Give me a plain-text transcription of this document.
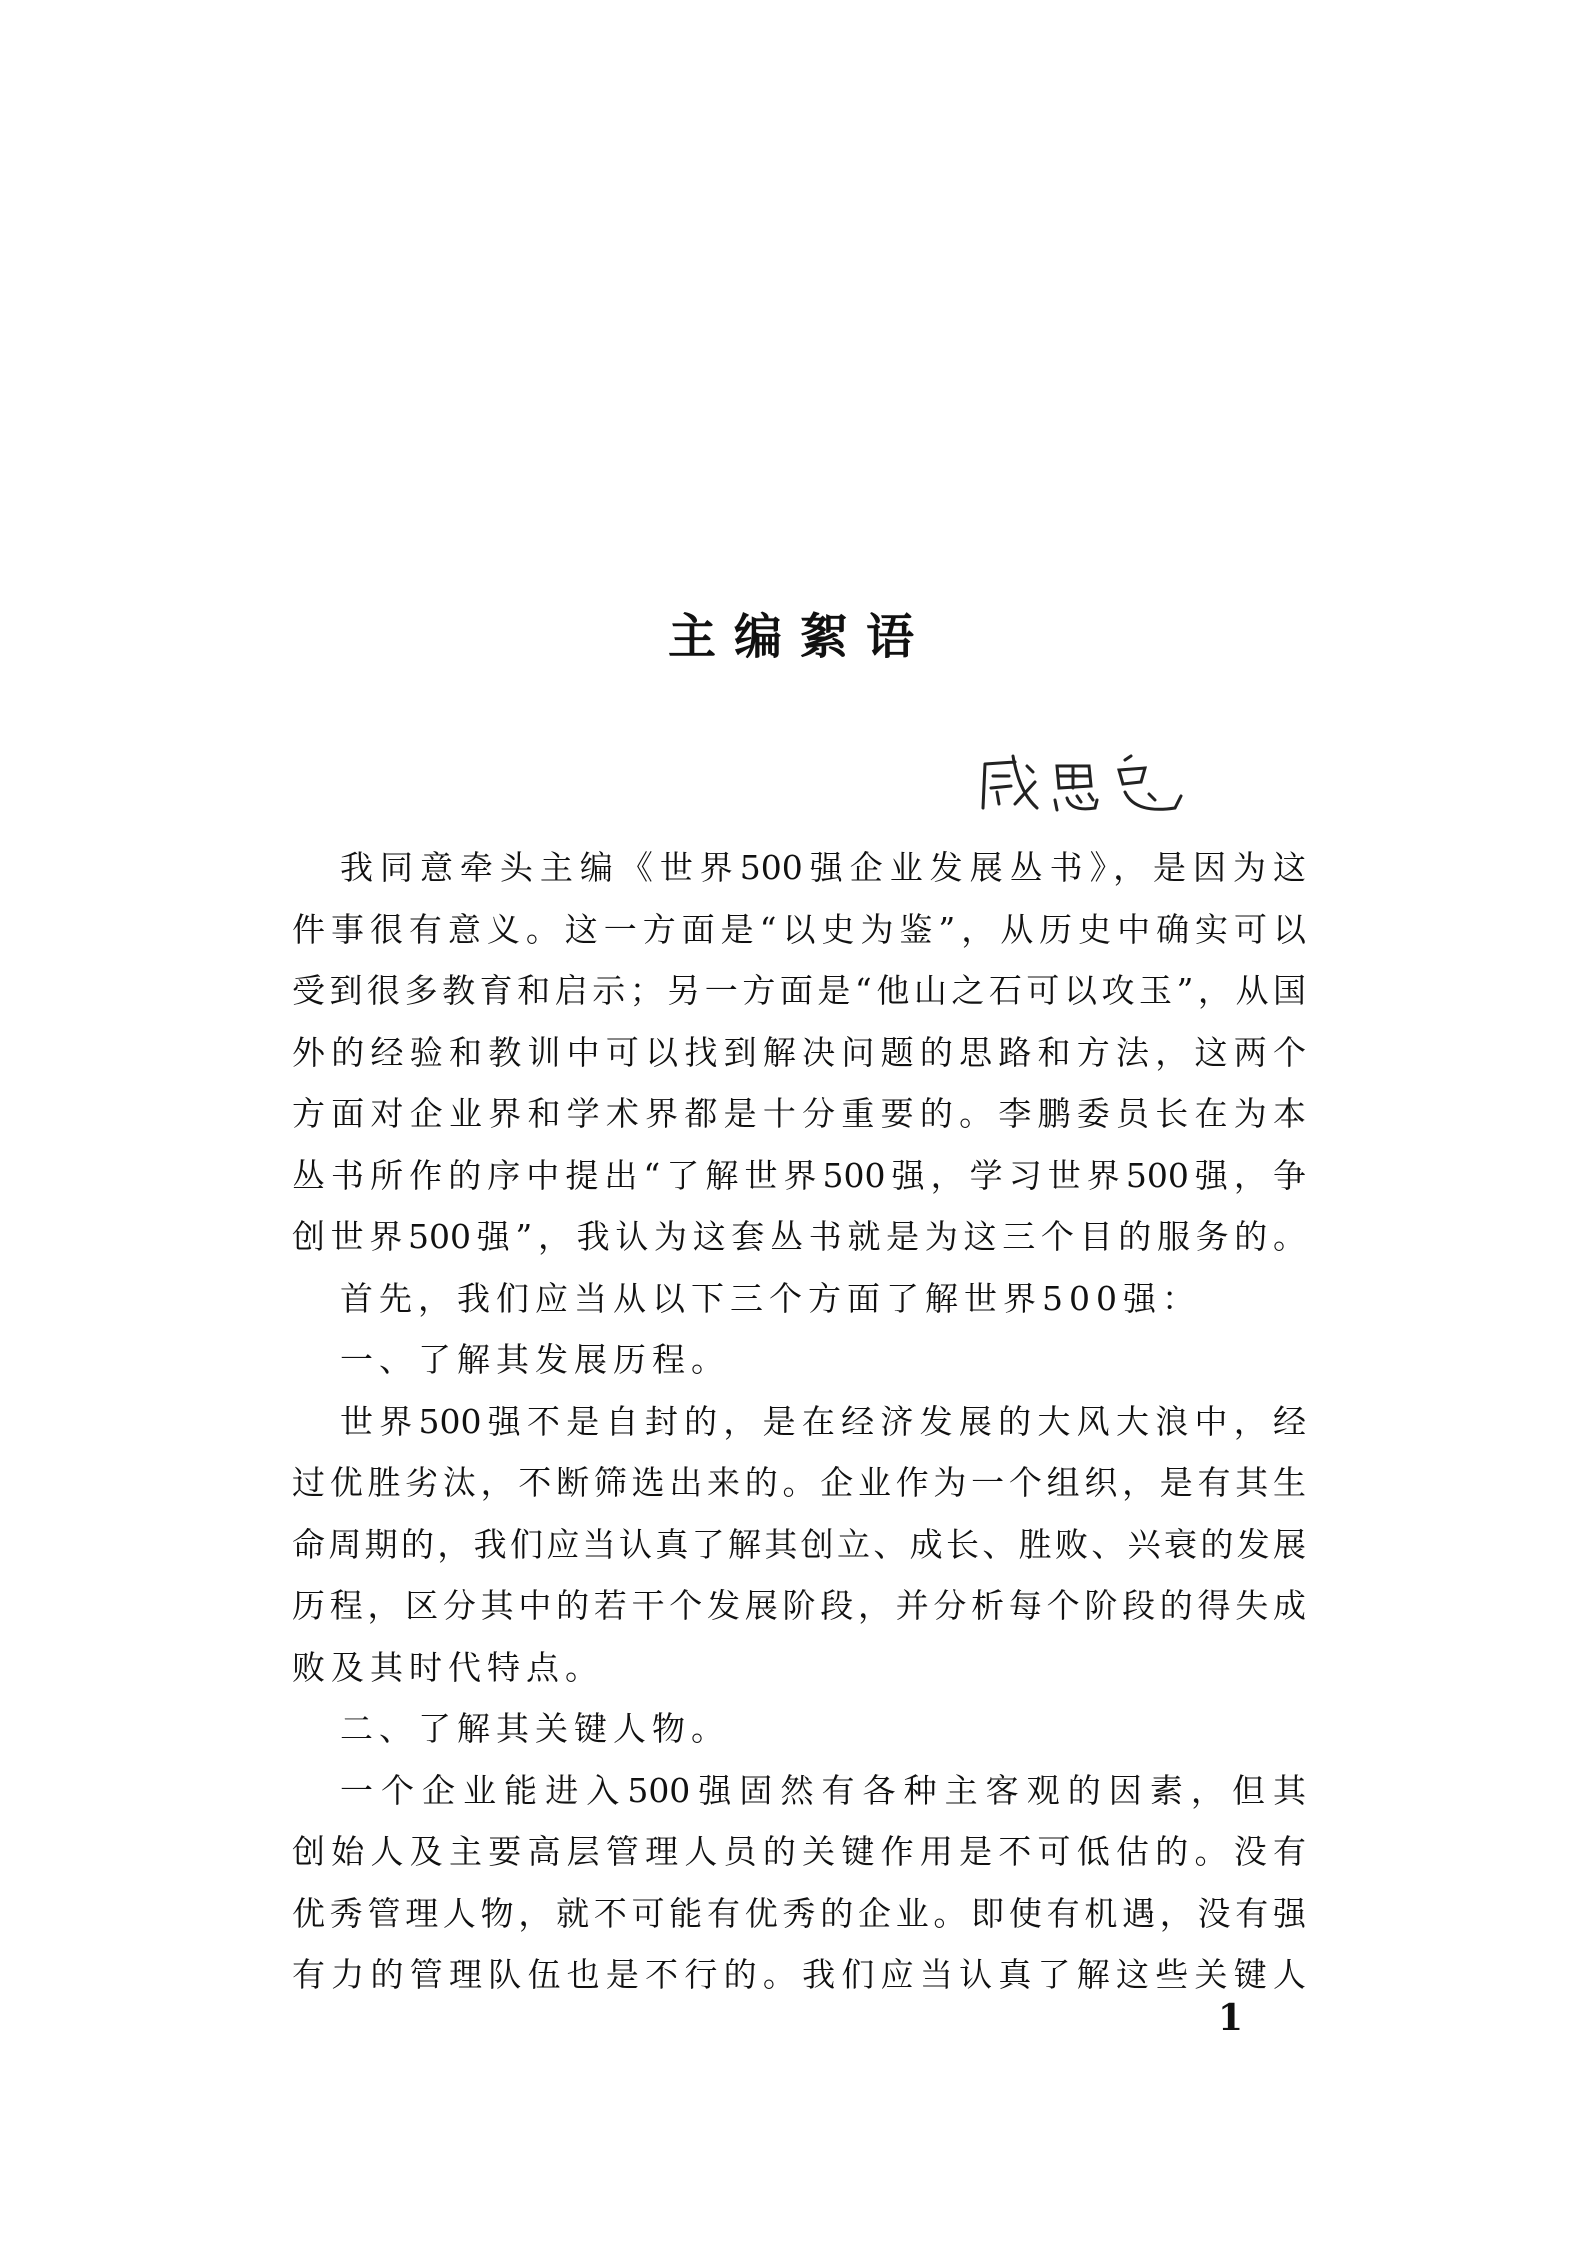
主编絮语
我同意牵头主编《世界500强企业发展丛书》，是因为这
件事很有意义。这一方面是“以史为鉴”，从历史中确实可以
受到很多教育和启示；另一方面是“他山之石可以攻玉”，从国
外的经验和教训中可以找到解决问题的思路和方法，这两个
方面对企业界和学术界都是十分重要的。李鹏委员长在为本
丛书所作的序中提出“了解世界500强，学习世界500强，争
创世界500强”，我认为这套丛书就是为这三个目的服务的。
首先，我们应当从以下三个方面了解世界500强：
一、了解其发展历程。
世界500强不是自封的，是在经济发展的大风大浪中，经
过优胜劣汰，不断筛选出来的。企业作为一个组织，是有其生
命周期的，我们应当认真了解其创立、成长、胜败、兴衰的发展
历程，区分其中的若干个发展阶段，并分析每个阶段的得失成
败及其时代特点。
二、了解其关键人物。
一个企业能进入500强固然有各种主客观的因素，但其
创始人及主要高层管理人员的关键作用是不可低估的。没有
优秀管理人物，就不可能有优秀的企业。即使有机遇，没有强
有力的管理队伍也是不行的。我们应当认真了解这些关键人
1
